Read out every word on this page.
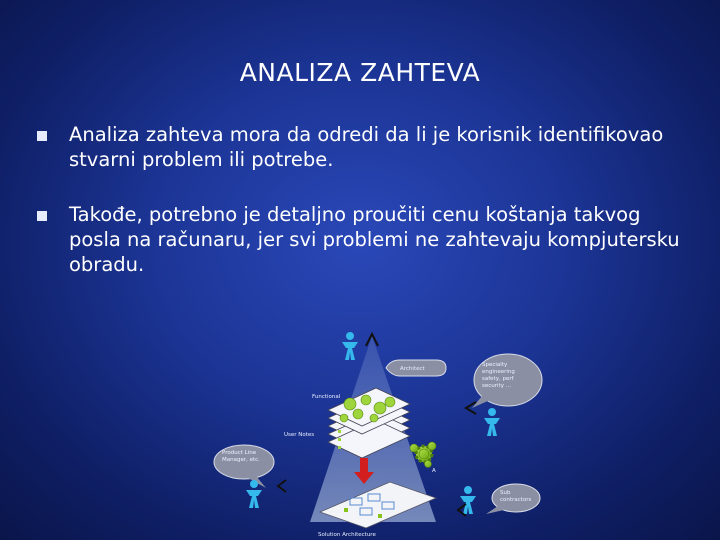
ANALIZA ZAHTEVA
Analiza zahteva mora da odredi da li je korisnik identifikovao stvarni problem ili potrebe.
Takođe, potrebno je detaljno proučiti cenu koštanja takvog posla na računaru, jer svi problemi ne zahtevaju kompjutersku obradu.
Architect
Specialty engineering safety, perf security ...
Functional
User Notes
A
Solution Architecture
Product Line Manager, etc.
Sub contractors
